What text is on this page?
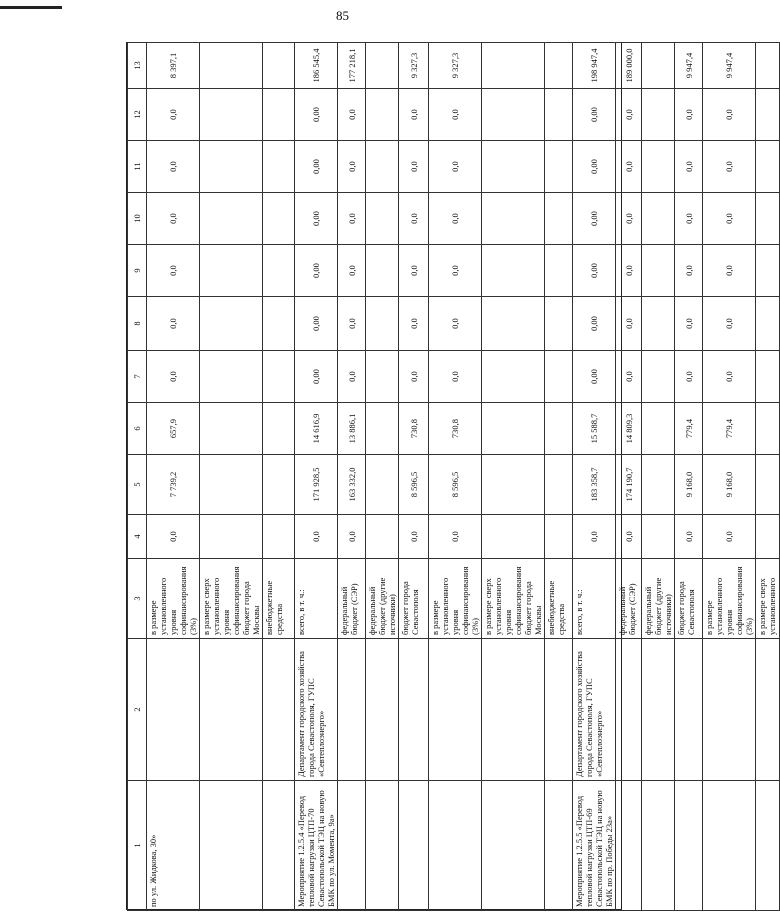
85
1	2	3	4	5	6	7	8	9	10	11	12	13
по ул. Жидкова, 30»		в размере установленного уровня софинансирования (3%)	0,0	7 739,2	657,9	0,0	0,0	0,0	0,0	0,0	0,0	8 397,1
		в размере сверх установленного уровня софинансирования бюджет города Москвы										
		внебюджетные средства										
Мероприятие 1.2.5.4 «Перевод тепловой нагрузки ЦТП-70 Севастопольской ТЭЦ на новую БМК по ул. Момента, 9а»	Департамент городского хозяйства города Севастополя, ГУПС «Севтеплоэнерго»	всего, в т. ч.:	0,0	171 928,5	14 616,9	0,00	0,00	0,00	0,00	0,00	0,00	186 545,4
		федеральный бюджет (СЭР)	0,0	163 332,0	13 886,1	0,0	0,0	0,0	0,0	0,0	0,0	177 218,1
		федеральный бюджет (другие источники)										
		бюджет города Севастополя	0,0	8 596,5	730,8	0,0	0,0	0,0	0,0	0,0	0,0	9 327,3
		в размере установленного уровня софинансирования (3%)	0,0	8 596,5	730,8	0,0	0,0	0,0	0,0	0,0	0,0	9 327,3
		в размере сверх установленного уровня софинансирования бюджет города Москвы										
		внебюджетные средства										
Мероприятие 1.2.5.5 «Перевод тепловой нагрузки ЦТП-69 Севастопольской ТЭЦ на новую БМК по пр. Победы 23а»	Департамент городского хозяйства города Севастополя, ГУПС «Севтеплоэнерго»	всего, в т. ч.:	0,0	183 358,7	15 588,7	0,00	0,00	0,00	0,00	0,00	0,00	198 947,4
		федеральный бюджет (СЭР)	0,0	174 190,7	14 809,3	0,0	0,0	0,0	0,0	0,0	0,0	189 000,0
		федеральный бюджет (другие источники)										
		бюджет города Севастополя	0,0	9 168,0	779,4	0,0	0,0	0,0	0,0	0,0	0,0	9 947,4
		в размере установленного уровня софинансирования (3%)	0,0	9 168,0	779,4	0,0	0,0	0,0	0,0	0,0	0,0	9 947,4
		в размере сверх установленного										
